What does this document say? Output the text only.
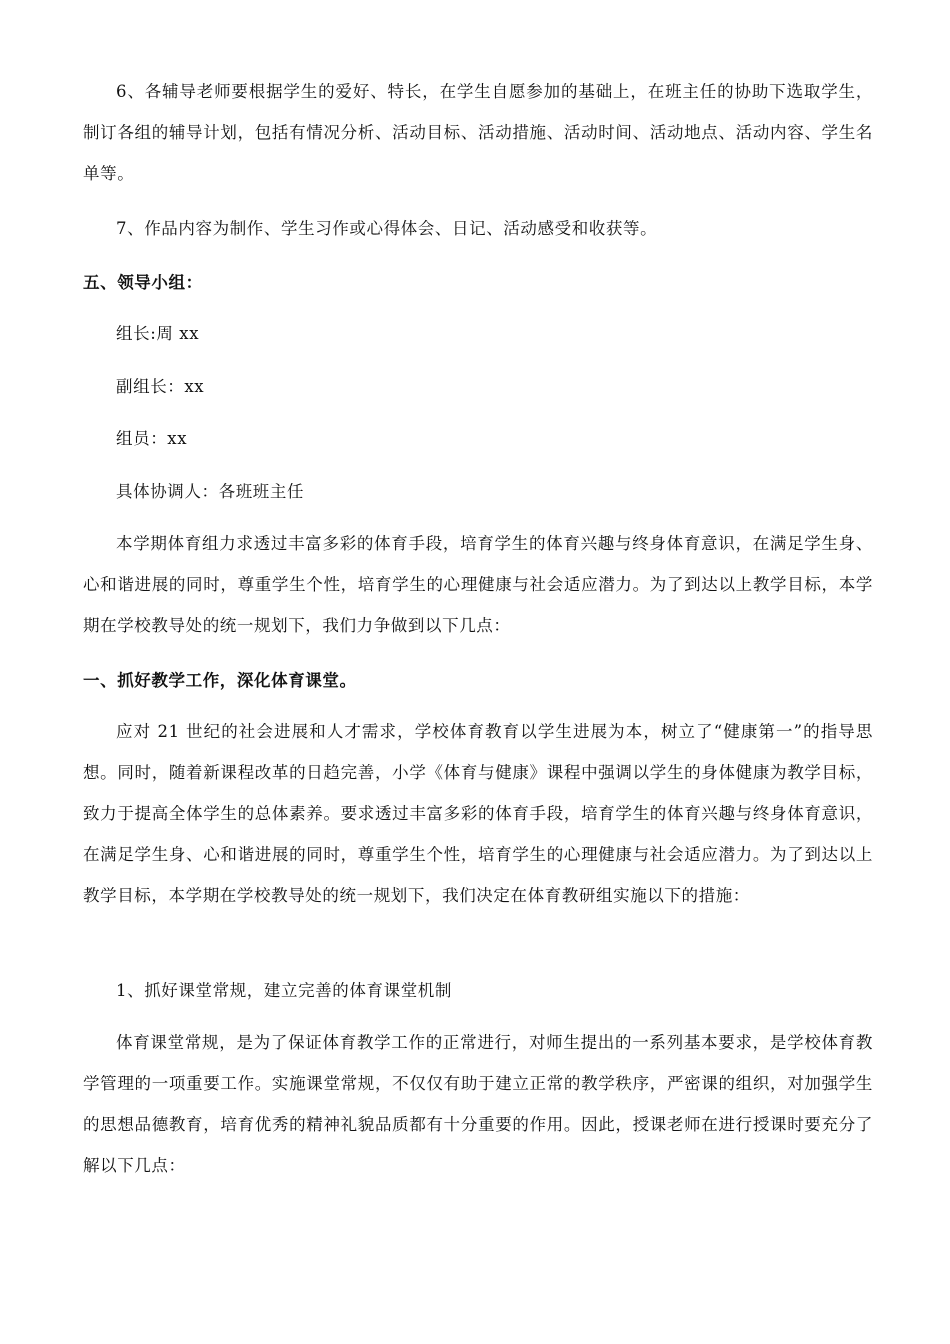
6、各辅导老师要根据学生的爱好、特长，在学生自愿参加的基础上，在班主任的协助下选取学生，制订各组的辅导计划，包括有情况分析、活动目标、活动措施、活动时间、活动地点、活动内容、学生名单等。
7、作品内容为制作、学生习作或心得体会、日记、活动感受和收获等。
五、领导小组：
组长:周 xx
副组长：xx
组员：xx
具体协调人：各班班主任
本学期体育组力求透过丰富多彩的体育手段，培育学生的体育兴趣与终身体育意识，在满足学生身、心和谐进展的同时，尊重学生个性，培育学生的心理健康与社会适应潜力。为了到达以上教学目标，本学期在学校教导处的统一规划下，我们力争做到以下几点：
一、抓好教学工作，深化体育课堂。
应对 21 世纪的社会进展和人才需求，学校体育教育以学生进展为本，树立了“健康第一”的指导思想。同时，随着新课程改革的日趋完善，小学《体育与健康》课程中强调以学生的身体健康为教学目标，致力于提高全体学生的总体素养。要求透过丰富多彩的体育手段，培育学生的体育兴趣与终身体育意识，在满足学生身、心和谐进展的同时，尊重学生个性，培育学生的心理健康与社会适应潜力。为了到达以上教学目标，本学期在学校教导处的统一规划下，我们决定在体育教研组实施以下的措施：
1、抓好课堂常规，建立完善的体育课堂机制
体育课堂常规，是为了保证体育教学工作的正常进行，对师生提出的一系列基本要求，是学校体育教学管理的一项重要工作。实施课堂常规，不仅仅有助于建立正常的教学秩序，严密课的组织，对加强学生的思想品德教育，培育优秀的精神礼貌品质都有十分重要的作用。因此，授课老师在进行授课时要充分了解以下几点：
